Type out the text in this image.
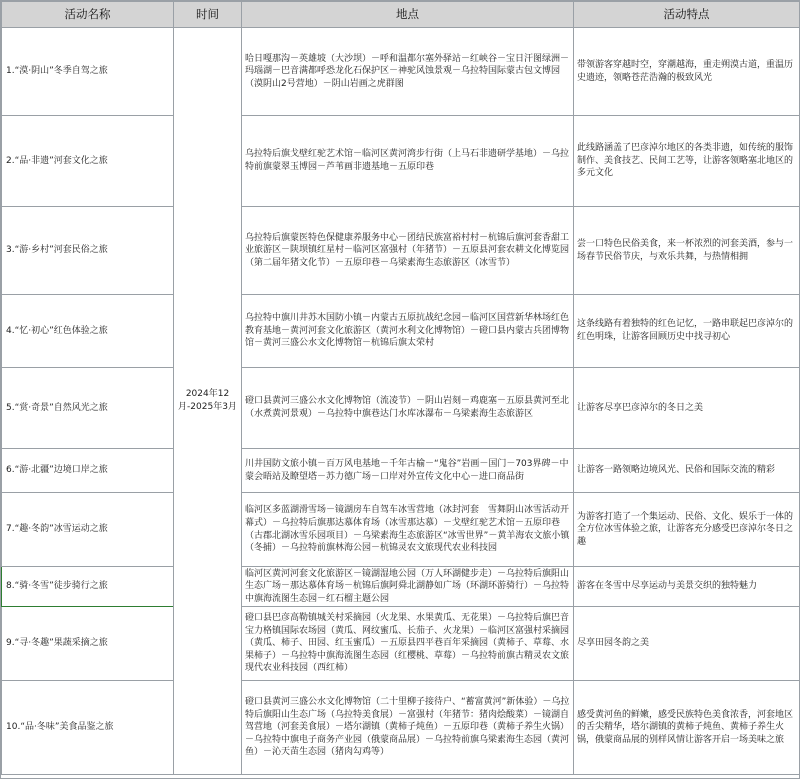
活动名称	时间	地点	活动特点
1.“漠·阴山”冬季自驾之旅	2024年12月-2025年3月	哈日嘎那沟－英雄坡（大沙坝）－呼和温都尔塞外驿站－红峡谷－宝日汗图绿洲－玛瑙湖－巴音满都呼恐龙化石保护区－神驼风蚀景观－乌拉特国际蒙古包文博园（漠阴山2号营地）－阴山岩画之虎群图	带领游客穿越时空，穿潮越海，重走朔漠古道，重温历史遗迹，领略苍茫浩瀚的极致风光
2.“品·非遗”河套文化之旅		乌拉特后旗戈壁红驼艺术馆－临河区黄河湾步行街（上马石非遗研学基地）－乌拉特前旗蒙翠玉博园－芦苇画非遗基地－五原印巷	此线路涵盖了巴彦淖尔地区的各类非遗，如传统的服饰制作、美食技艺、民间工艺等，让游客领略塞北地区的多元文化
3.“游·乡村”河套民俗之旅		乌拉特后旗蒙医特色保健康养服务中心－团结民族富裕村村－杭锦后旗河套香甜工业旅游区－陕坝镇红星村－临河区富强村（年猪节）－五原县河套农耕文化博览园（第二届年猪文化节）－五原印巷－乌梁素海生态旅游区（冰雪节）	尝一口特色民俗美食，来一杯浓烈的河套美酒，参与一场春节民俗节庆，与欢乐共舞，与热情相拥
4.“忆·初心”红色体验之旅		乌拉特中旗川井苏木国防小镇－内蒙古五原抗战纪念园－临河区国营新华林场红色教育基地－黄河河套文化旅游区（黄河水利文化博物馆）－磴口县内蒙古兵团博物馆－黄河三盛公水文化博物馆－杭锦后旗太荣村	这条线路有着独特的红色记忆，一路串联起巴彦淖尔的红色明珠，让游客回顾历史中找寻初心
5.“赏·奇景”自然风光之旅		磴口县黄河三盛公水文化博物馆（流凌节）－阴山岩刻－鸡鹿塞－五原县黄河至北（水煮黄河景观）－乌拉特中旗巷达门水库冰瀑布－乌梁素海生态旅游区	让游客尽享巴彦淖尔的冬日之美
6.“游·北疆”边境口岸之旅		川井国防文旅小镇－百万风电基地－千年古榆－“鬼谷”岩画－国门－703界碑－中蒙会晤站及瞭望塔－苏力德广场－口岸对外宣传文化中心－进口商品街	让游客一路领略边境风光、民俗和国际交流的精彩
7.“趣·冬韵”冰雪运动之旅		临河区多蓝湖滑雪场－镜湖房车自驾车冰雪营地（冰封河套　雪舞阴山冰雪活动开幕式）－乌拉特后旗那达慕体育场（冰雪那达慕）－戈壁红驼艺术馆－五原印巷（古郡北湖冰雪乐园项目）－乌梁素海生态旅游区“冰雪世界”－黄羊海农文旅小镇（冬捕）－乌拉特前旗林海公园－杭锦灵农文旅现代农业科技园	为游客打造了一个集运动、民俗、文化、娱乐于一体的全方位冰雪体验之旅，让游客充分感受巴彦淖尔冬日之趣
8.“骑·冬雪”徒步骑行之旅		临河区黄河河套文化旅游区－镜湖湿地公园（万人环湖健步走）－乌拉特后旗阳山生态广场－那达慕体育场－杭锦后旗阿舜北湖静如广场（环湖环游骑行）－乌拉特中旗海流图生态园－红石榴主题公园	游客在冬雪中尽享运动与美景交织的独特魅力
9.“寻·冬趣”果蔬采摘之旅		磴口县巴彦高勒镇城关村采摘园（火龙果、水果黄瓜、无花果）－乌拉特后旗巴音宝力格镇国际农场园（黄瓜、网纹蜜瓜、长茄子、火龙果）－临河区富强村采摘园（黄瓜、柿子、田园、红玉蜜瓜）－五原县四平巷百年采摘园（黄柿子、草莓、水果柿子）－乌拉特中旗海流图生态园（红樱桃、草莓）－乌拉特前旗古精灵农文旅现代农业科技园（西红柿）	尽享田园冬韵之美
10.“品·冬味”美食品鉴之旅		磴口县黄河三盛公水文化博物馆（二十里柳子接待户、“蓄富黄河”新体验）－乌拉特后旗阳山生态广场（乌拉特美食展）－富强村（年猪节：猪肉烩酸菜）－镜湖自驾营地（河套美食展）－塔尔湖镇（黄柿子炖鱼）－五原印巷（黄柿子养生火锅）－乌拉特中旗电子商务产业园（俄蒙商品展）－乌拉特前旗乌梁素海生态园（黄河鱼）－沁天苗生态园（猪肉勾鸡等）	感受黄河鱼的鲜嫩，感受民族特色美食浓香，河套地区的舌尖精华，塔尔湖镇的黄柿子炖鱼、黄柿子养生火锅，俄蒙商品展的别样风情让游客开启一场美味之旅
